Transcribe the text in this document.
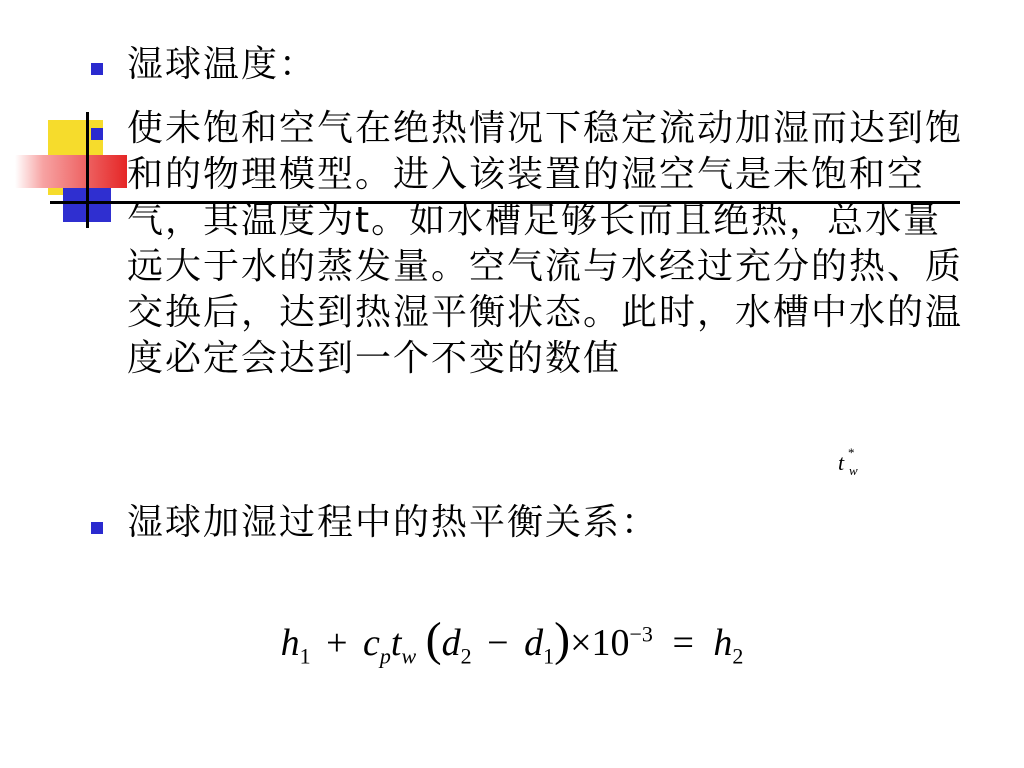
湿球温度：
使未饱和空气在绝热情况下稳定流动加湿而达到饱和的物理模型。进入该装置的湿空气是未饱和空气，其温度为t。如水槽足够长而且绝热，总水量远大于水的蒸发量。空气流与水经过充分的热、质交换后，达到热湿平衡状态。此时，水槽中水的温度必定会达到一个不变的数值
t *
w
湿球加湿过程中的热平衡关系：
$h_1 + c_pt_w$ $(d_2 - d_1)\times 10^{-3} = h_2$
